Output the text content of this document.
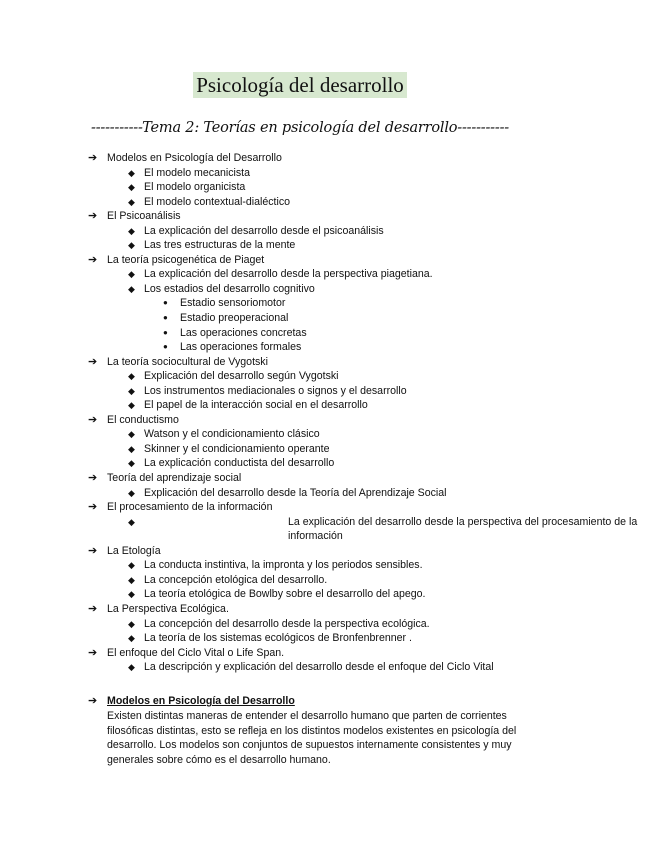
Psicología del desarrollo
-----------Tema 2: Teorías en psicología del desarrollo-----------
➔ Modelos en Psicología del Desarrollo
◆ El modelo mecanicista
◆ El modelo organicista
◆ El modelo contextual-dialéctico
➔ El Psicoanálisis
◆ La explicación del desarrollo desde el psicoanálisis
◆ Las tres estructuras de la mente
➔ La teoría psicogenética de Piaget
◆ La explicación del desarrollo desde la perspectiva piagetiana.
◆ Los estadios del desarrollo cognitivo
● Estadio sensoriomotor
● Estadio preoperacional
● Las operaciones concretas
● Las operaciones formales
➔ La teoría sociocultural de Vygotski
◆ Explicación del desarrollo según Vygotski
◆ Los instrumentos mediacionales o signos y el desarrollo
◆ El papel de la interacción social en el desarrollo
➔ El conductismo
◆ Watson y el condicionamiento clásico
◆ Skinner y el condicionamiento operante
◆ La explicación conductista del desarrollo
➔ Teoría del aprendizaje social
◆ Explicación del desarrollo desde la Teoría del Aprendizaje Social
➔ El procesamiento de la información
◆	La explicación del desarrollo desde la perspectiva del procesamiento de la información
➔ La Etología
◆ La conducta instintiva, la impronta y los periodos sensibles.
◆ La concepción etológica del desarrollo.
◆ La teoría etológica de Bowlby sobre el desarrollo del apego.
➔ La Perspectiva Ecológica.
◆ La concepción del desarrollo desde la perspectiva ecológica.
◆ La teoría de los sistemas ecológicos de Bronfenbrenner .
➔ El enfoque del Ciclo Vital o Life Span.
◆ La descripción y explicación del desarrollo desde el enfoque del Ciclo Vital
➔ Modelos en Psicología del Desarrollo
Existen distintas maneras de entender el desarrollo humano que parten de corrientes filosóficas distintas, esto se refleja en los distintos modelos existentes en psicología del desarrollo. Los modelos son conjuntos de supuestos internamente consistentes y muy generales sobre cómo es el desarrollo humano.
